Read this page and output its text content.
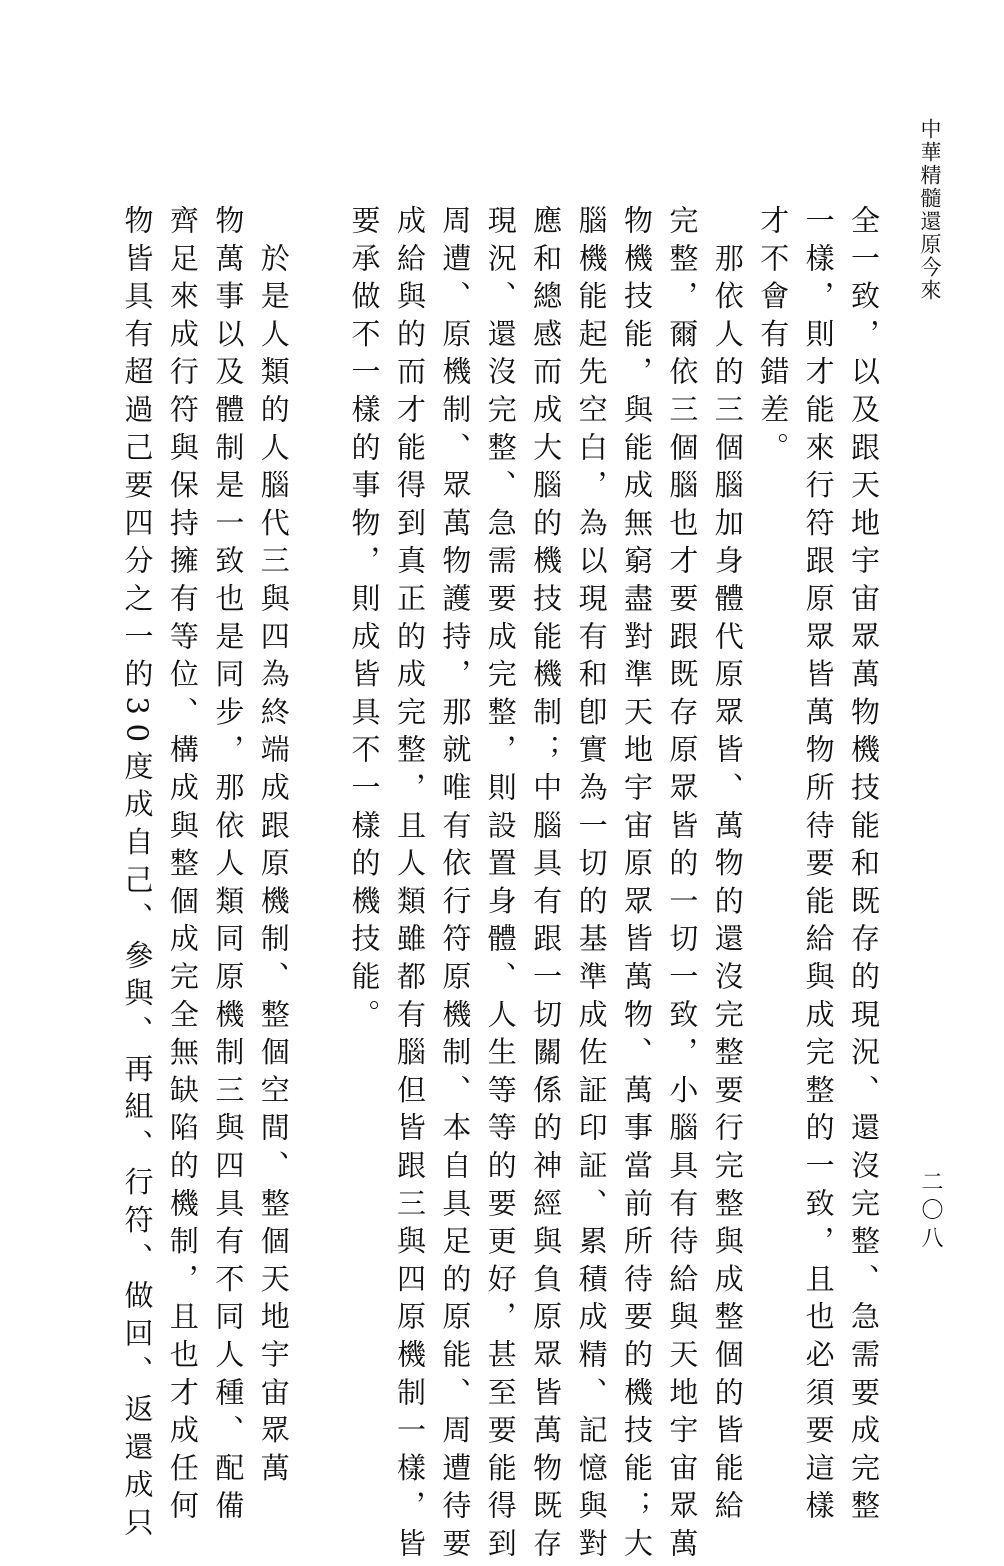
中華精髓還原今來
二〇八
全一致，以及跟天地宇宙眾萬物機技能和既存的現況、還沒完整、急需要成完整
一樣，則才能來行符跟原眾皆萬物所待要能給與成完整的一致，且也必須要這樣
才不會有錯差。
　那依人的三個腦加身體代原眾皆、萬物的還沒完整要行完整與成整個的皆能給
完整，爾依三個腦也才要跟既存原眾皆的一切一致，小腦具有待給與天地宇宙眾萬
物機技能，與能成無窮盡對準天地宇宙原眾皆萬物、萬事當前所待要的機技能；大
腦機能起先空白，為以現有和卽實為一切的基準成佐証印証、累積成精、記憶與對
應和總感而成大腦的機技能機制；中腦具有跟一切關係的神經與負原眾皆萬物既存
現況、還沒完整、急需要成完整，則設置身體、人生等等的要更好，甚至要能得到
周遭、原機制、眾萬物護持，那就唯有依行符原機制、本自具足的原能、周遭待要
成給與的而才能得到真正的成完整，且人類雖都有腦但皆跟三與四原機制一樣，皆
要承做不一樣的事物，則成皆具不一樣的機技能。
　於是人類的人腦代三與四為終端成跟原機制、整個空間、整個天地宇宙眾萬
物萬事以及體制是一致也是同步，那依人類同原機制三與四具有不同人種、配備
齊足來成行符與保持擁有等位、構成與整個成完全無缺陷的機制，且也才成任何
物皆具有超過己要四分之一的30度成自己、參與、再組、行符、做回、返還成只
